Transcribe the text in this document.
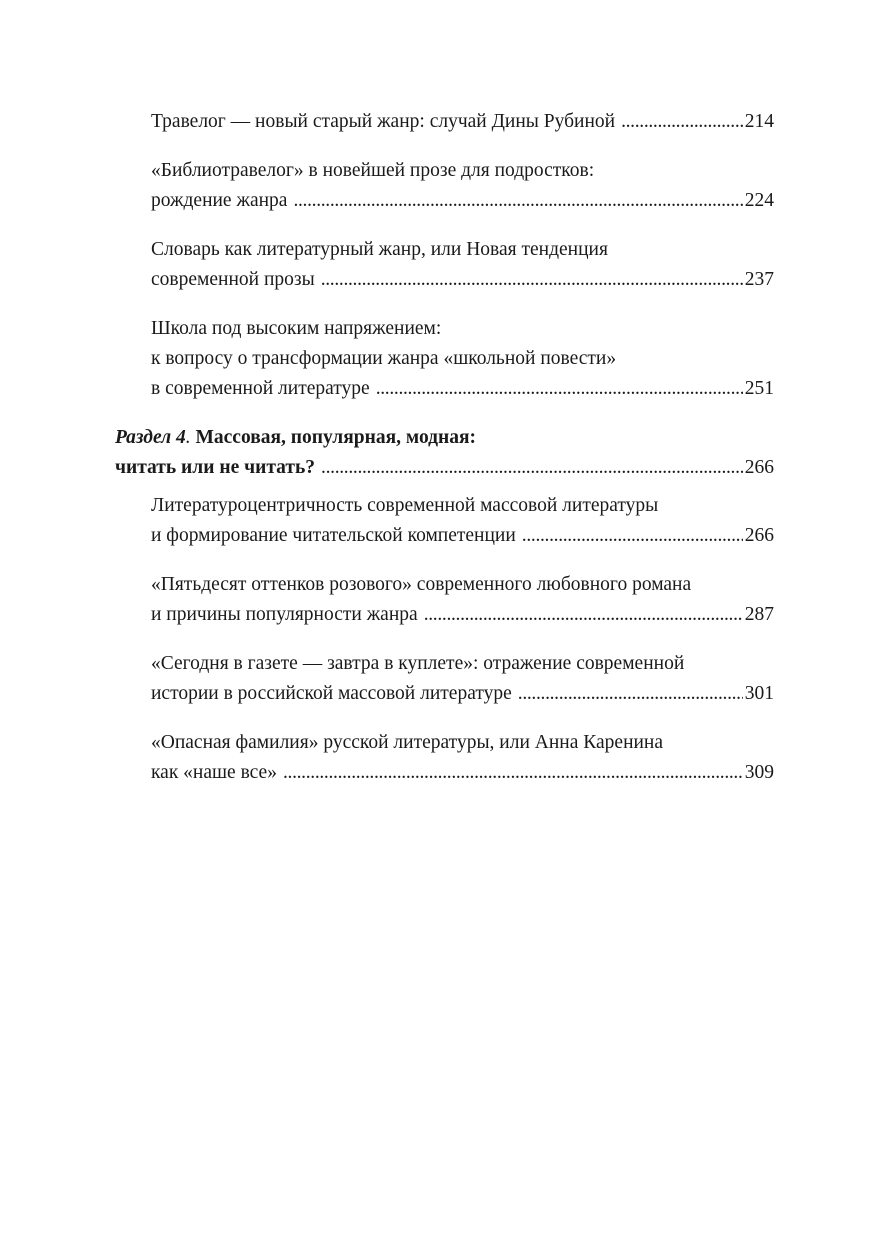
Травелог — новый старый жанр: случай Дины Рубиной . . .	214
«Библиотравелог» в новейшей прозе для подростков:
рождение жанра . . .	224
Словарь как литературный жанр, или Новая тенденция
современной прозы . . .	237
Школа под высоким напряжением:
к вопросу о трансформации жанра «школьной повести»
в современной литературе . . .	251
Раздел 4. Массовая, популярная, модная:
читать или не читать? . . .	266
Литературоцентричность современной массовой литературы
и формирование читательской компетенции . . .	266
«Пятьдесят оттенков розового» современного любовного романа
и причины популярности жанра . . .	287
«Сегодня в газете — завтра в куплете»: отражение современной
истории в российской массовой литературе . . .	301
«Опасная фамилия» русской литературы, или Анна Каренина
как «наше все» . . .	309
